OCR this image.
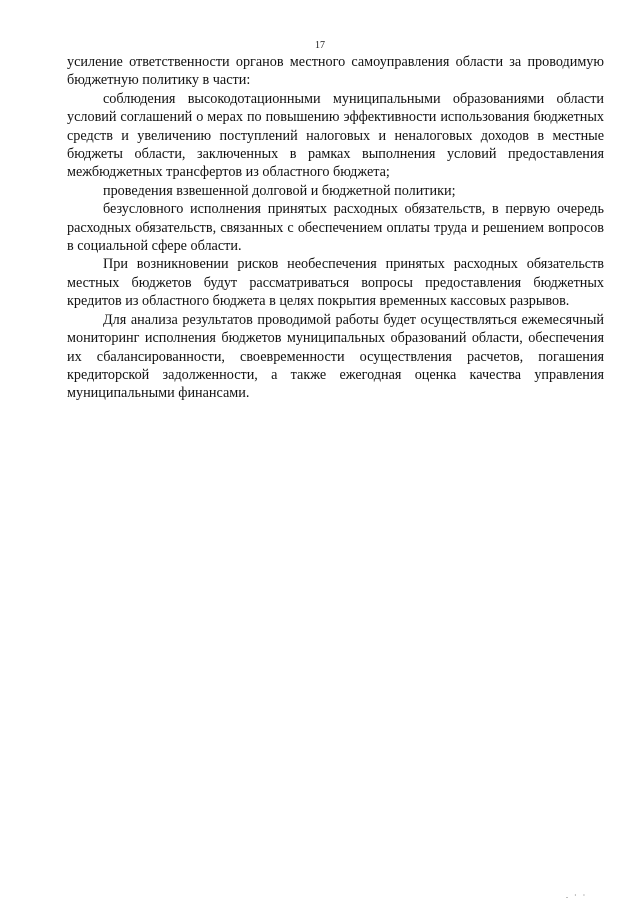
17

усиление ответственности органов местного самоуправления области за проводимую бюджетную политику в части:

соблюдения высокодотационными муниципальными образованиями области условий соглашений о мерах по повышению эффективности использования бюджетных средств и увеличению поступлений налоговых и неналоговых доходов в местные бюджеты области, заключенных в рамках выполнения условий предоставления межбюджетных трансфертов из областного бюджета;

проведения взвешенной долговой и бюджетной политики;

безусловного исполнения принятых расходных обязательств, в первую очередь расходных обязательств, связанных с обеспечением оплаты труда и решением вопросов в социальной сфере области.

При возникновении рисков необеспечения принятых расходных обязательств местных бюджетов будут рассматриваться вопросы предоставления бюджетных кредитов из областного бюджета в целях покрытия временных кассовых разрывов.

Для анализа результатов проводимой работы будет осуществляться ежемесячный мониторинг исполнения бюджетов муниципальных образований области, обеспечения их сбалансированности, своевременности осуществления расчетов, погашения кредиторской задолженности, а также ежегодная оценка качества управления муниципальными финансами.

. · ·
